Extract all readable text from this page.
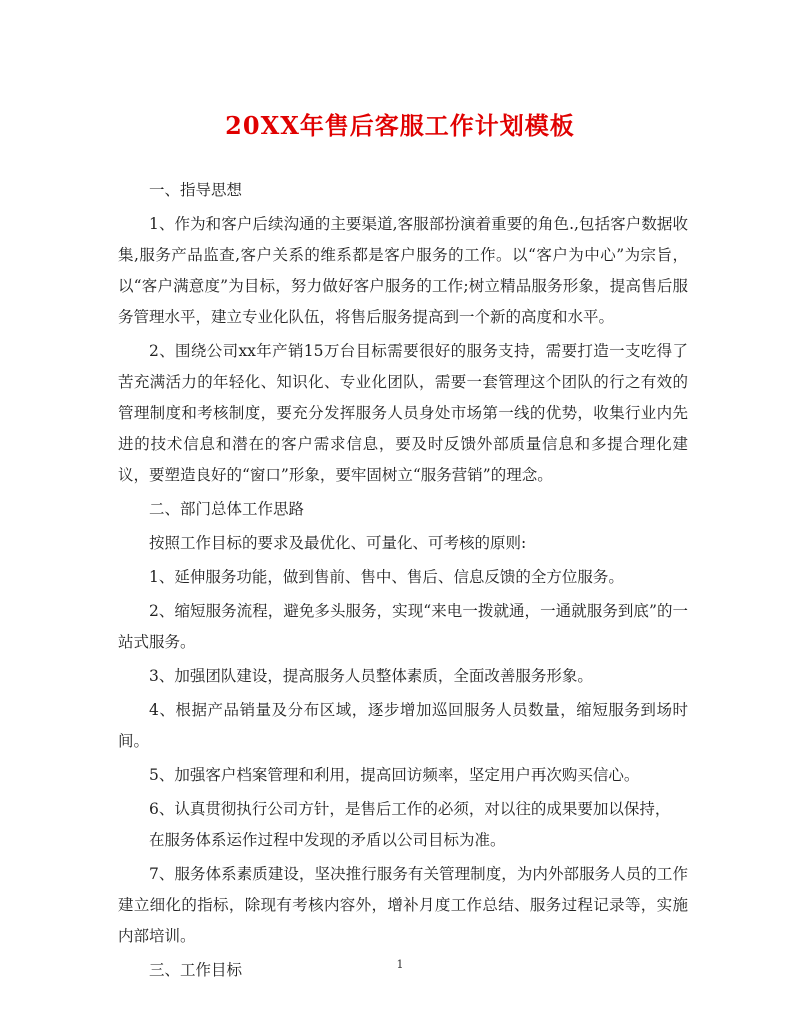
20XX年售后客服工作计划模板

一、指导思想

1、作为和客户后续沟通的主要渠道,客服部扮演着重要的角色.,包括客户数据收集,服务产品监查,客户关系的维系都是客户服务的工作。以“客户为中心”为宗旨，以“客户满意度”为目标，努力做好客户服务的工作;树立精品服务形象，提高售后服务管理水平，建立专业化队伍，将售后服务提高到一个新的高度和水平。

2、围绕公司xx年产销15万台目标需要很好的服务支持，需要打造一支吃得了苦充满活力的年轻化、知识化、专业化团队，需要一套管理这个团队的行之有效的管理制度和考核制度，要充分发挥服务人员身处市场第一线的优势，收集行业内先进的技术信息和潜在的客户需求信息，要及时反馈外部质量信息和多提合理化建议，要塑造良好的“窗口”形象，要牢固树立“服务营销”的理念。

二、部门总体工作思路

按照工作目标的要求及最优化、可量化、可考核的原则:

1、延伸服务功能，做到售前、售中、售后、信息反馈的全方位服务。

2、缩短服务流程，避免多头服务，实现“来电一拨就通，一通就服务到底”的一站式服务。

3、加强团队建设，提高服务人员整体素质，全面改善服务形象。

4、根据产品销量及分布区域，逐步增加巡回服务人员数量，缩短服务到场时间。

5、加强客户档案管理和利用，提高回访频率，坚定用户再次购买信心。

6、认真贯彻执行公司方针，是售后工作的必须，对以往的成果要加以保持，

在服务体系运作过程中发现的矛盾以公司目标为准。

7、服务体系素质建设，坚决推行服务有关管理制度，为内外部服务人员的工作建立细化的指标，除现有考核内容外，增补月度工作总结、服务过程记录等，实施内部培训。

三、工作目标	1
